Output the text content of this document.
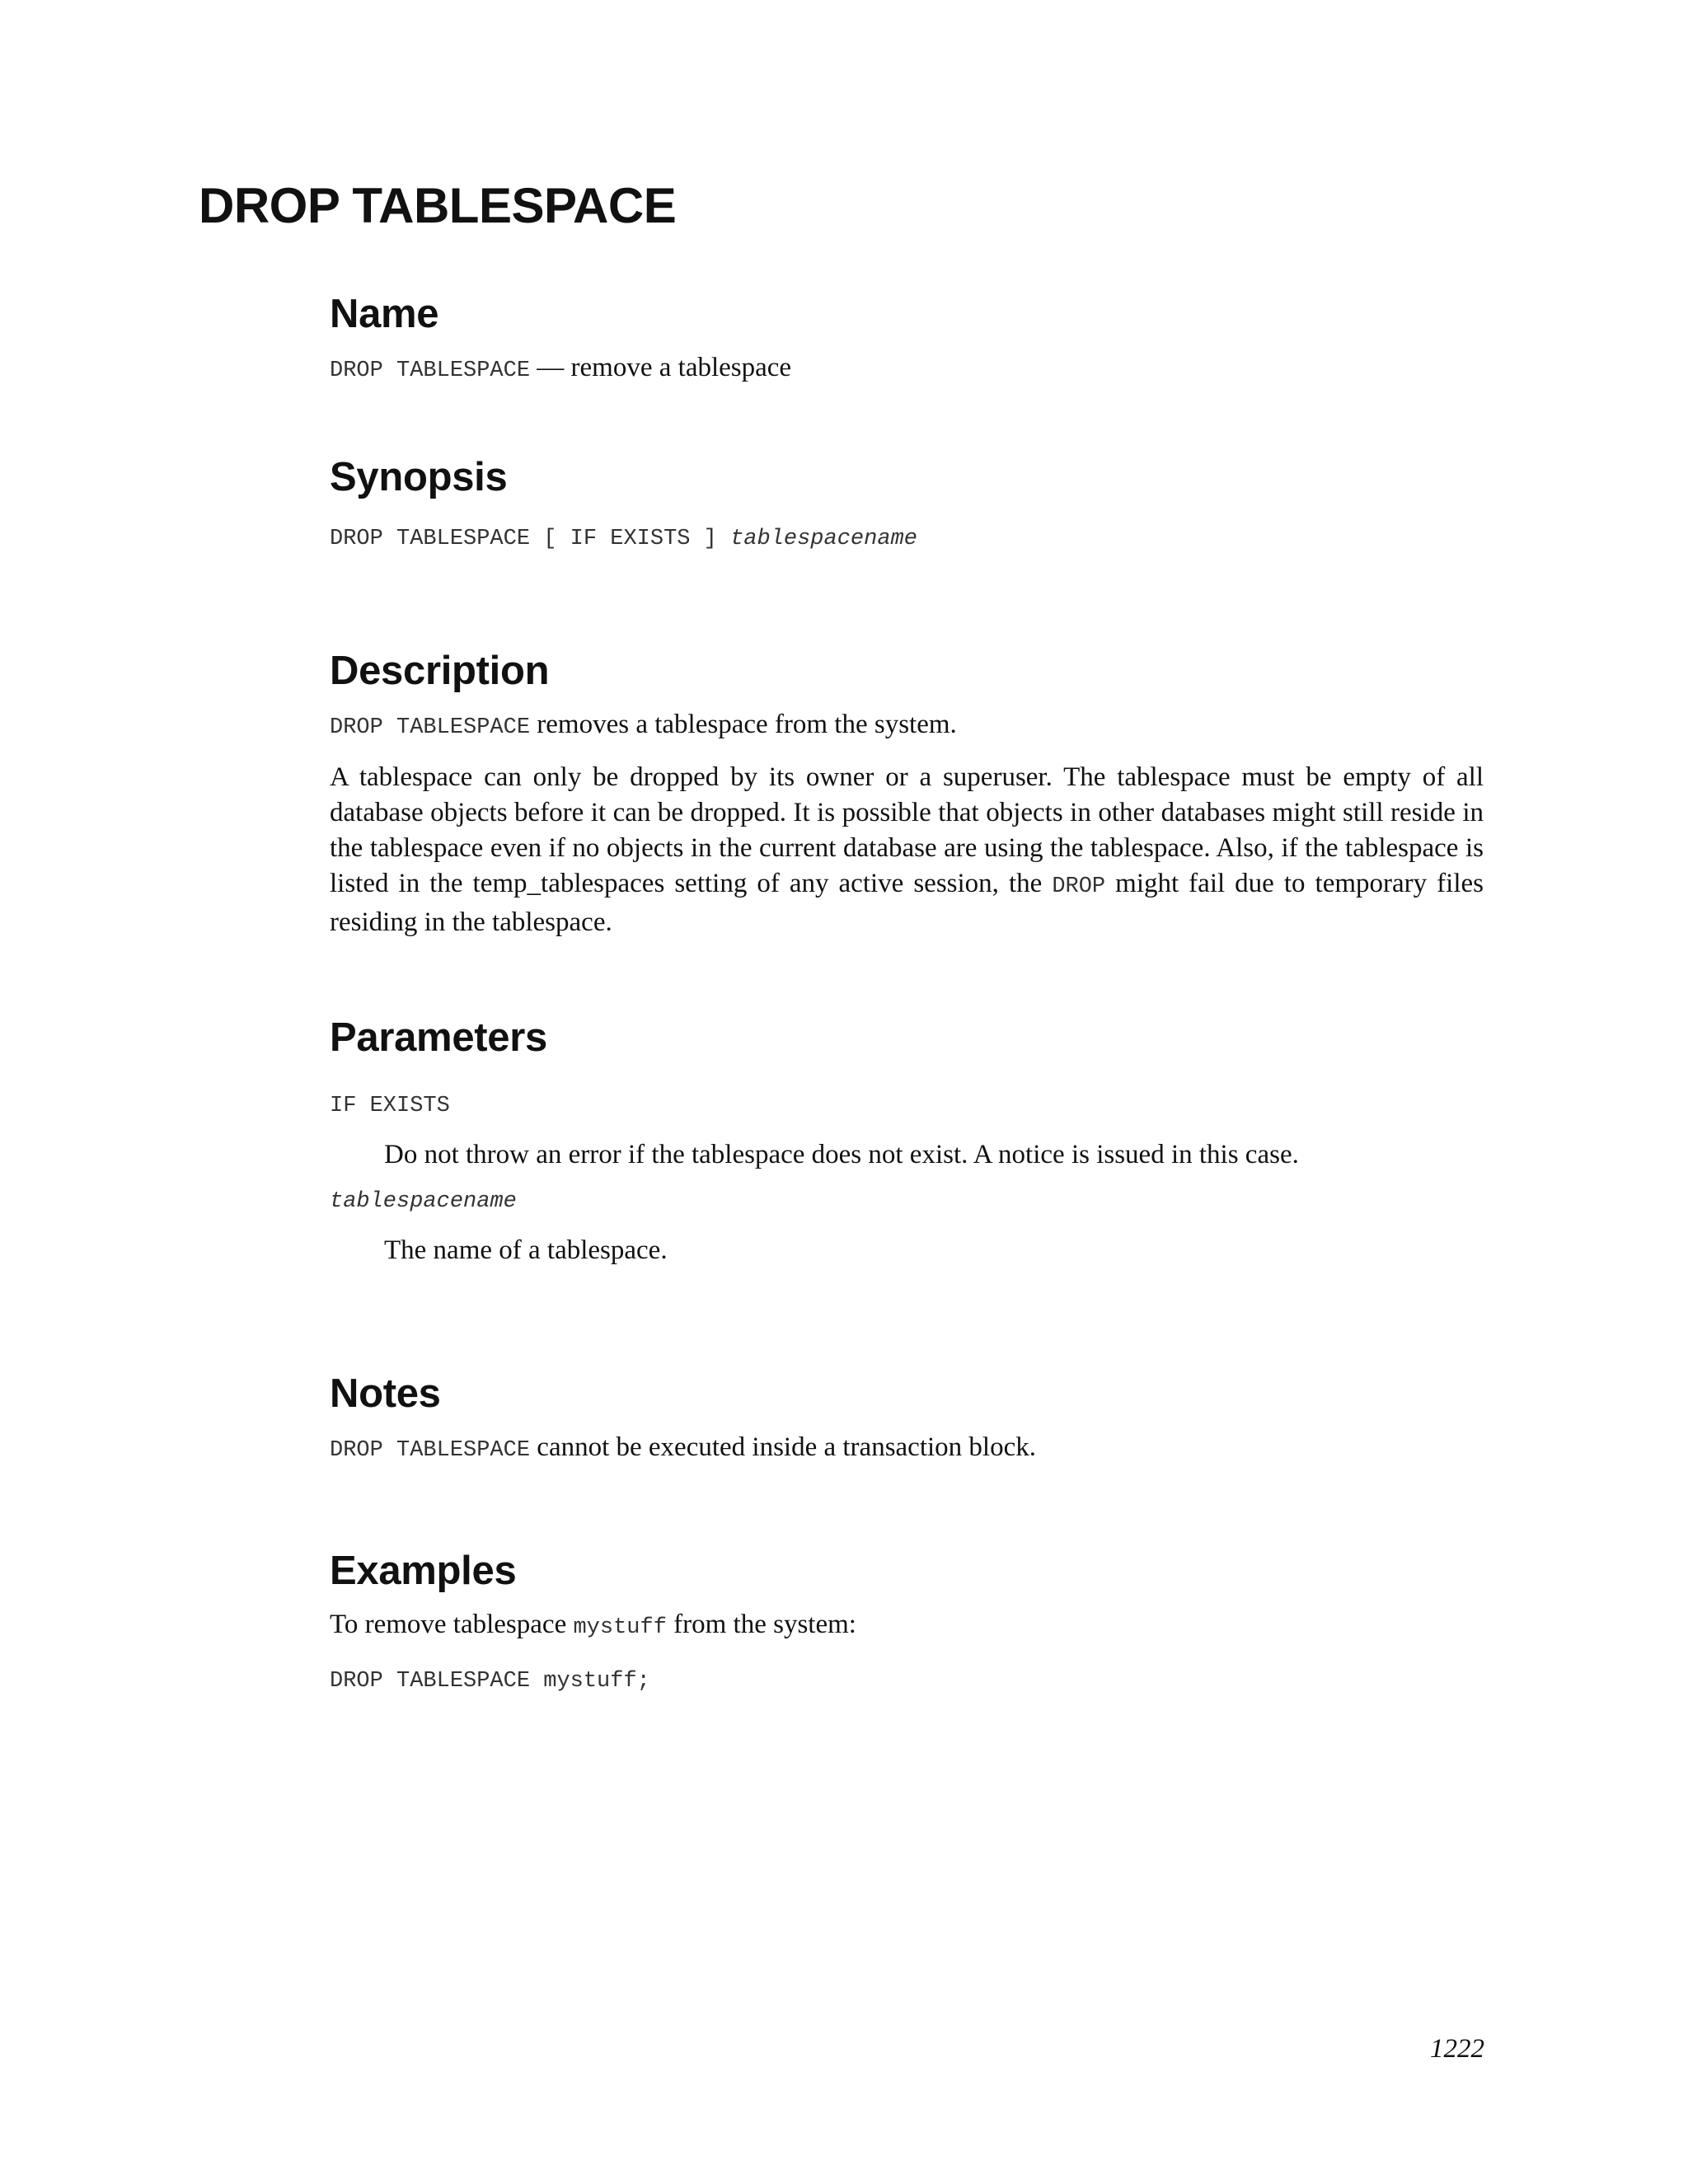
DROP TABLESPACE
Name

DROP TABLESPACE — remove a tablespace

Synopsis

DROP TABLESPACE [ IF EXISTS ] tablespacename

Description

DROP TABLESPACE removes a tablespace from the system.

A tablespace can only be dropped by its owner or a superuser. The tablespace must be empty of all database objects before it can be dropped. It is possible that objects in other databases might still reside in the tablespace even if no objects in the current database are using the tablespace. Also, if the tablespace is listed in the temp_tablespaces setting of any active session, the DROP might fail due to temporary files residing in the tablespace.

Parameters
IF EXISTS
Do not throw an error if the tablespace does not exist. A notice is issued in this case.
tablespacename
The name of a tablespace.
Notes

DROP TABLESPACE cannot be executed inside a transaction block.

Examples

To remove tablespace mystuff from the system:

DROP TABLESPACE mystuff;

1222
